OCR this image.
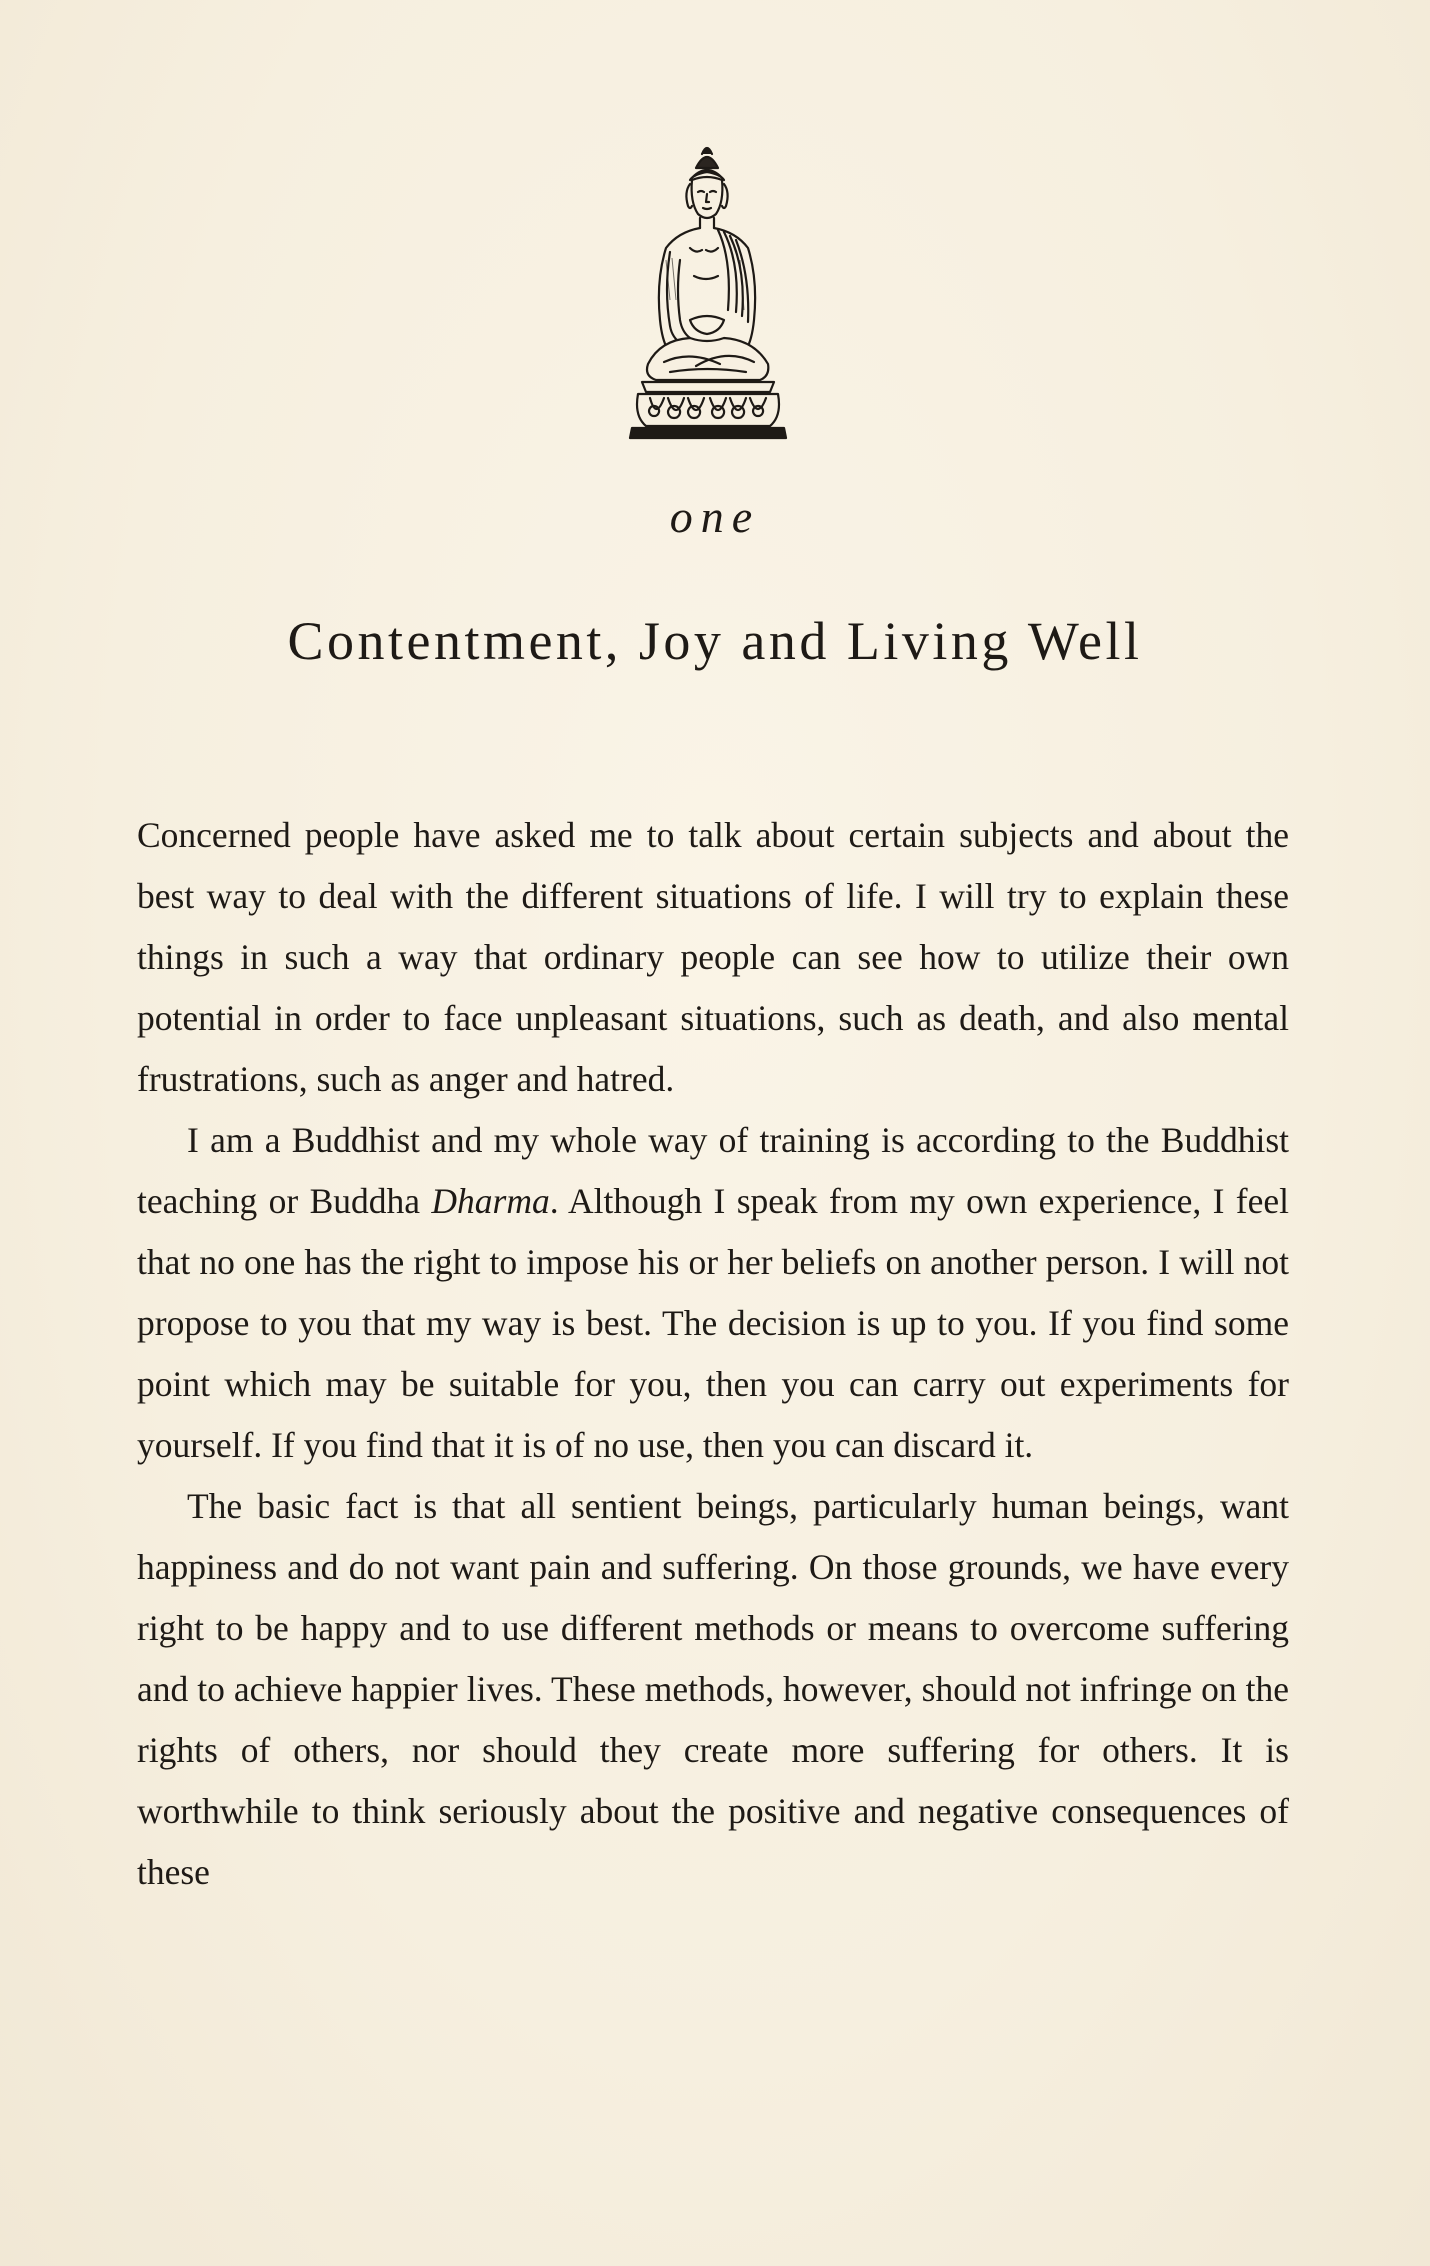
one
Contentment, Joy and Living Well

Concerned people have asked me to talk about certain subjects and about the best way to deal with the different situations of life. I will try to explain these things in such a way that ordinary people can see how to utilize their own potential in order to face unpleasant situations, such as death, and also mental frustrations, such as anger and hatred.

I am a Buddhist and my whole way of training is according to the Buddhist teaching or Buddha Dharma. Although I speak from my own experience, I feel that no one has the right to impose his or her beliefs on another person. I will not propose to you that my way is best. The decision is up to you. If you find some point which may be suitable for you, then you can carry out experiments for yourself. If you find that it is of no use, then you can discard it.

The basic fact is that all sentient beings, particularly human beings, want happiness and do not want pain and suffering. On those grounds, we have every right to be happy and to use different methods or means to overcome suffering and to achieve happier lives. These methods, however, should not infringe on the rights of others, nor should they create more suffering for others. It is worthwhile to think seriously about the positive and negative consequences of these
